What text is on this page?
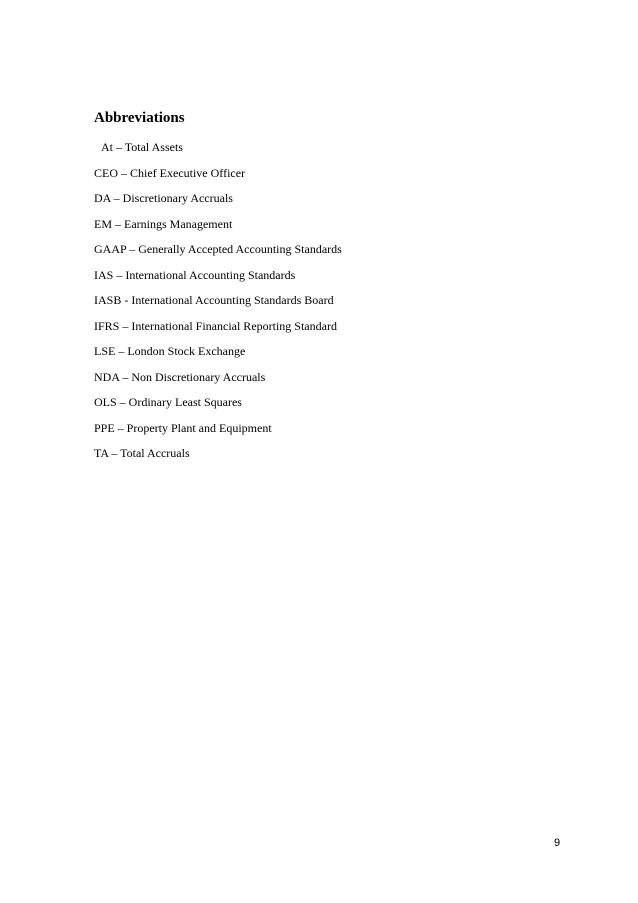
Abbreviations
At – Total Assets
CEO – Chief Executive Officer
DA – Discretionary Accruals
EM – Earnings Management
GAAP – Generally Accepted Accounting Standards
IAS – International Accounting Standards
IASB - International Accounting Standards Board
IFRS – International Financial Reporting Standard
LSE – London Stock Exchange
NDA – Non Discretionary Accruals
OLS – Ordinary Least Squares
PPE – Property Plant and Equipment
TA – Total Accruals
9
